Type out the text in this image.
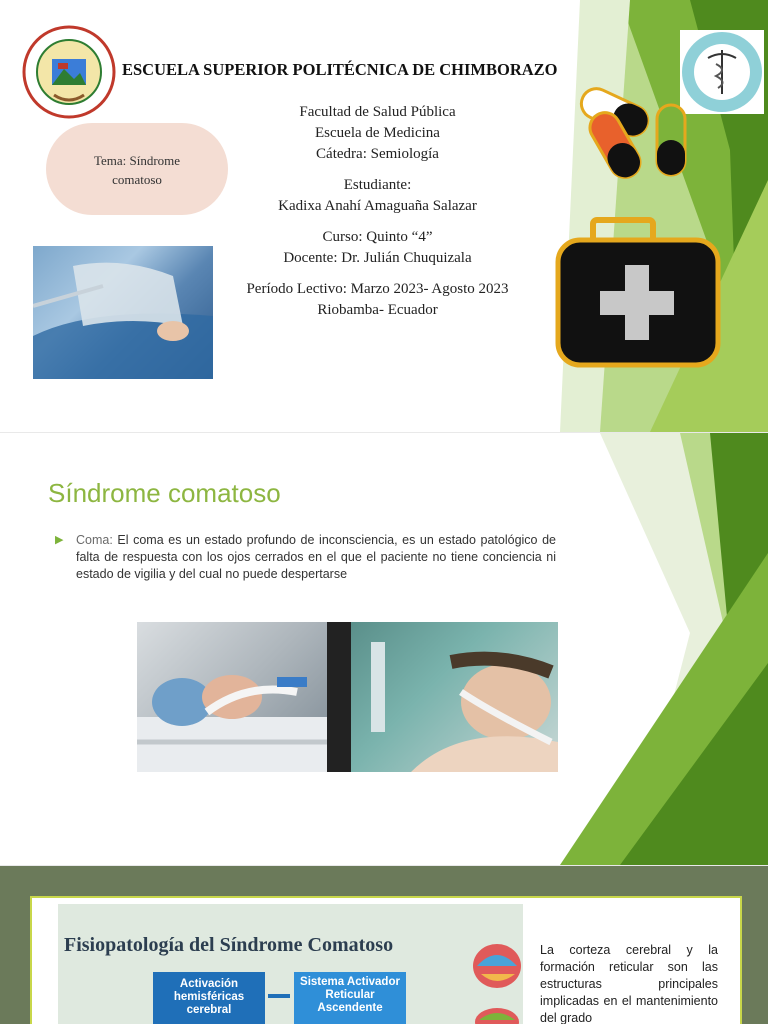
ESCUELA SUPERIOR POLITÉCNICA DE CHIMBORAZO
Tema: Síndrome
comatoso
Facultad de Salud Pública
Escuela de Medicina
Cátedra: Semiología
Estudiante:
Kadixa Anahí Amaguaña Salazar
Curso: Quinto “4”
Docente: Dr. Julián Chuquizala
Período Lectivo: Marzo 2023- Agosto 2023
Riobamba- Ecuador
Síndrome comatoso
▶	Coma: El coma es un estado profundo de inconsciencia, es un estado patológico de falta de respuesta con los ojos cerrados en el que el paciente no tiene conciencia ni estado de vigilia y del cual no puede despertarse
Fisiopatología del Síndrome Comatoso
Activación hemisféricas cerebral
Sistema Activador Reticular Ascendente
La corteza cerebral y la formación reticular son las estructuras principales implicadas en el mantenimiento del grado
